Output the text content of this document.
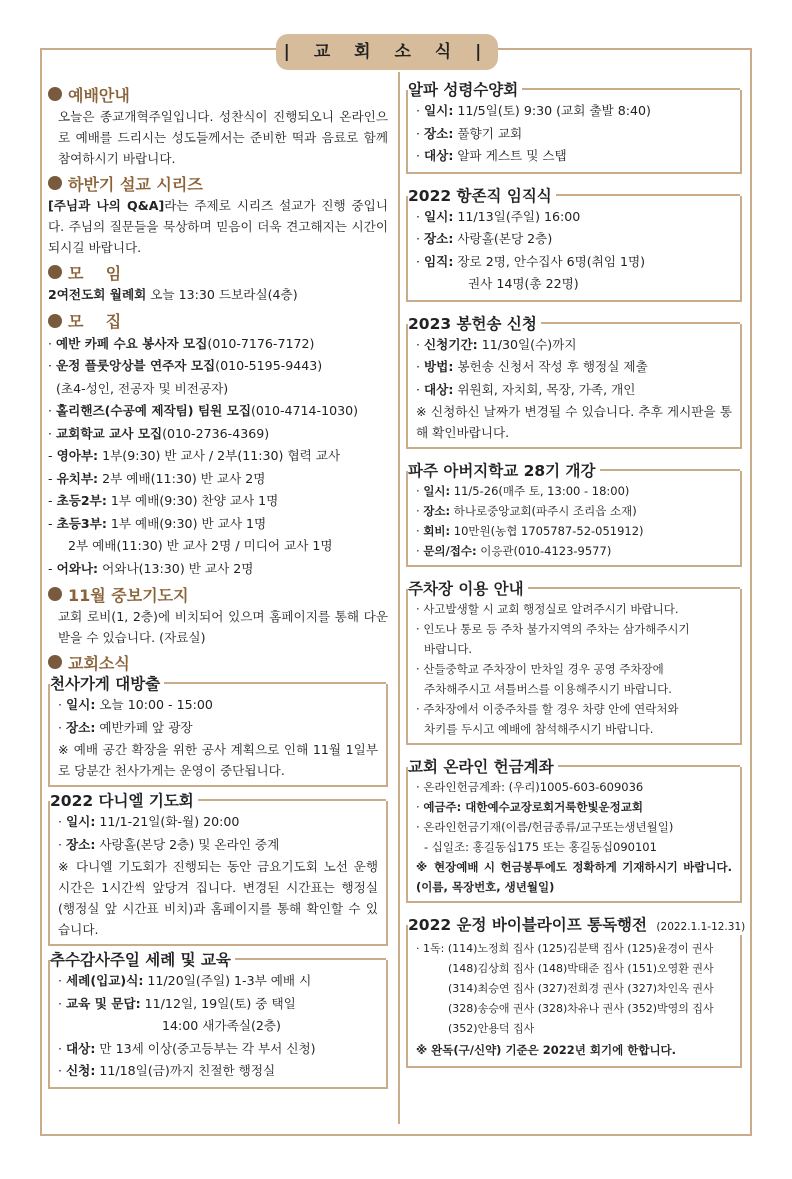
| 교 회 소 식 |
예배안내
오늘은 종교개혁주일입니다. 성찬식이 진행되오니 온라인으로 예배를 드리시는 성도들께서는 준비한 떡과 음료로 함께 참여하시기 바랍니다.
하반기 설교 시리즈
[주님과 나의 Q&A]라는 주제로 시리즈 설교가 진행 중입니다. 주님의 질문들을 묵상하며 믿음이 더욱 견고해지는 시간이 되시길 바랍니다.
모    임
2여전도회 월례회 오늘 13:30 드보라실(4층)
모    집
· 예반 카페 수요 봉사자 모집(010-7176-7172)
· 운정 플룻앙상블 연주자 모집(010-5195-9443)
(초4-성인, 전공자 및 비전공자)
· 홀리핸즈(수공예 제작팀) 팀원 모집(010-4714-1030)
· 교회학교 교사 모집(010-2736-4369)
- 영아부: 1부(9:30) 반 교사 / 2부(11:30) 협력 교사
- 유치부: 2부 예배(11:30) 반 교사 2명
- 초등2부: 1부 예배(9:30) 찬양 교사 1명
- 초등3부: 1부 예배(9:30) 반 교사 1명
2부 예배(11:30) 반 교사 2명 / 미디어 교사 1명
- 어와나: 어와나(13:30) 반 교사 2명
11월 중보기도지
교회 로비(1, 2층)에 비치되어 있으며 홈페이지를 통해 다운 받을 수 있습니다. (자료실)
교회소식
천사가게 대방출
· 일시: 오늘 10:00 - 15:00
· 장소: 예반카페 앞 광장
※ 예배 공간 확장을 위한 공사 계획으로 인해 11월 1일부로 당분간 천사가게는 운영이 중단됩니다.
2022 다니엘 기도회
· 일시: 11/1-21일(화-월) 20:00
· 장소: 사랑홀(본당 2층) 및 온라인 중계
※ 다니엘 기도회가 진행되는 동안 금요기도회 노선 운행 시간은 1시간씩 앞당겨 집니다. 변경된 시간표는 행정실(행정실 앞 시간표 비치)과 홈페이지를 통해 확인할 수 있습니다.
추수감사주일 세례 및 교육
· 세례(입교)식: 11/20일(주일) 1-3부 예배 시
· 교육 및 문답: 11/12일, 19일(토) 중 택일
14:00 새가족실(2층)
· 대상: 만 13세 이상(중고등부는 각 부서 신청)
· 신청: 11/18일(금)까지 친절한 행정실
알파 성령수양회
· 일시: 11/5일(토) 9:30 (교회 출발 8:40)
· 장소: 풀향기 교회
· 대상: 알파 게스트 및 스탭
2022 항존직 임직식
· 일시: 11/13일(주일) 16:00
· 장소: 사랑홀(본당 2층)
· 임직: 장로 2명, 안수집사 6명(취임 1명)
권사 14명(총 22명)
2023 봉헌송 신청
· 신청기간: 11/30일(수)까지
· 방법: 봉헌송 신청서 작성 후 행정실 제출
· 대상: 위원회, 자치회, 목장, 가족, 개인
※ 신청하신 날짜가 변경될 수 있습니다. 추후 게시판을 통해 확인바랍니다.
파주 아버지학교 28기 개강
· 일시: 11/5-26(매주 토, 13:00 - 18:00)
· 장소: 하나로중앙교회(파주시 조리읍 소재)
· 회비: 10만원(농협 1705787-52-051912)
· 문의/접수: 이응관(010-4123-9577)
주차장 이용 안내
· 사고발생할 시 교회 행정실로 알려주시기 바랍니다.
· 인도나 통로 등 주차 불가지역의 주차는 삼가해주시기
바랍니다.
· 산들중학교 주차장이 만차일 경우 공영 주차장에
주차해주시고 셔틀버스를 이용해주시기 바랍니다.
· 주차장에서 이중주차를 할 경우 차량 안에 연락처와
차키를 두시고 예배에 참석해주시기 바랍니다.
교회 온라인 헌금계좌
· 온라인헌금계좌: (우리)1005-603-609036
· 예금주: 대한예수교장로회거룩한빛운정교회
· 온라인헌금기재(이름/헌금종류/교구또는생년월일)
- 십일조: 홍길동십175 또는 홍길동십090101
※ 현장예배 시 헌금봉투에도 정확하게 기재하시기 바랍니다. (이름, 목장번호, 생년월일)
2022 운정 바이블라이프 통독행전 (2022.1.1-12.31)
· 1독: (114)노정희 집사 (125)김분택 집사 (125)윤경이 권사
(148)김상희 집사 (148)박태준 집사 (151)오영환 권사
(314)최승연 집사 (327)전희경 권사 (327)차인옥 권사
(328)송승애 권사 (328)차유나 권사 (352)박영의 집사
(352)안용덕 집사
※ 완독(구/신약) 기준은 2022년 회기에 한합니다.
